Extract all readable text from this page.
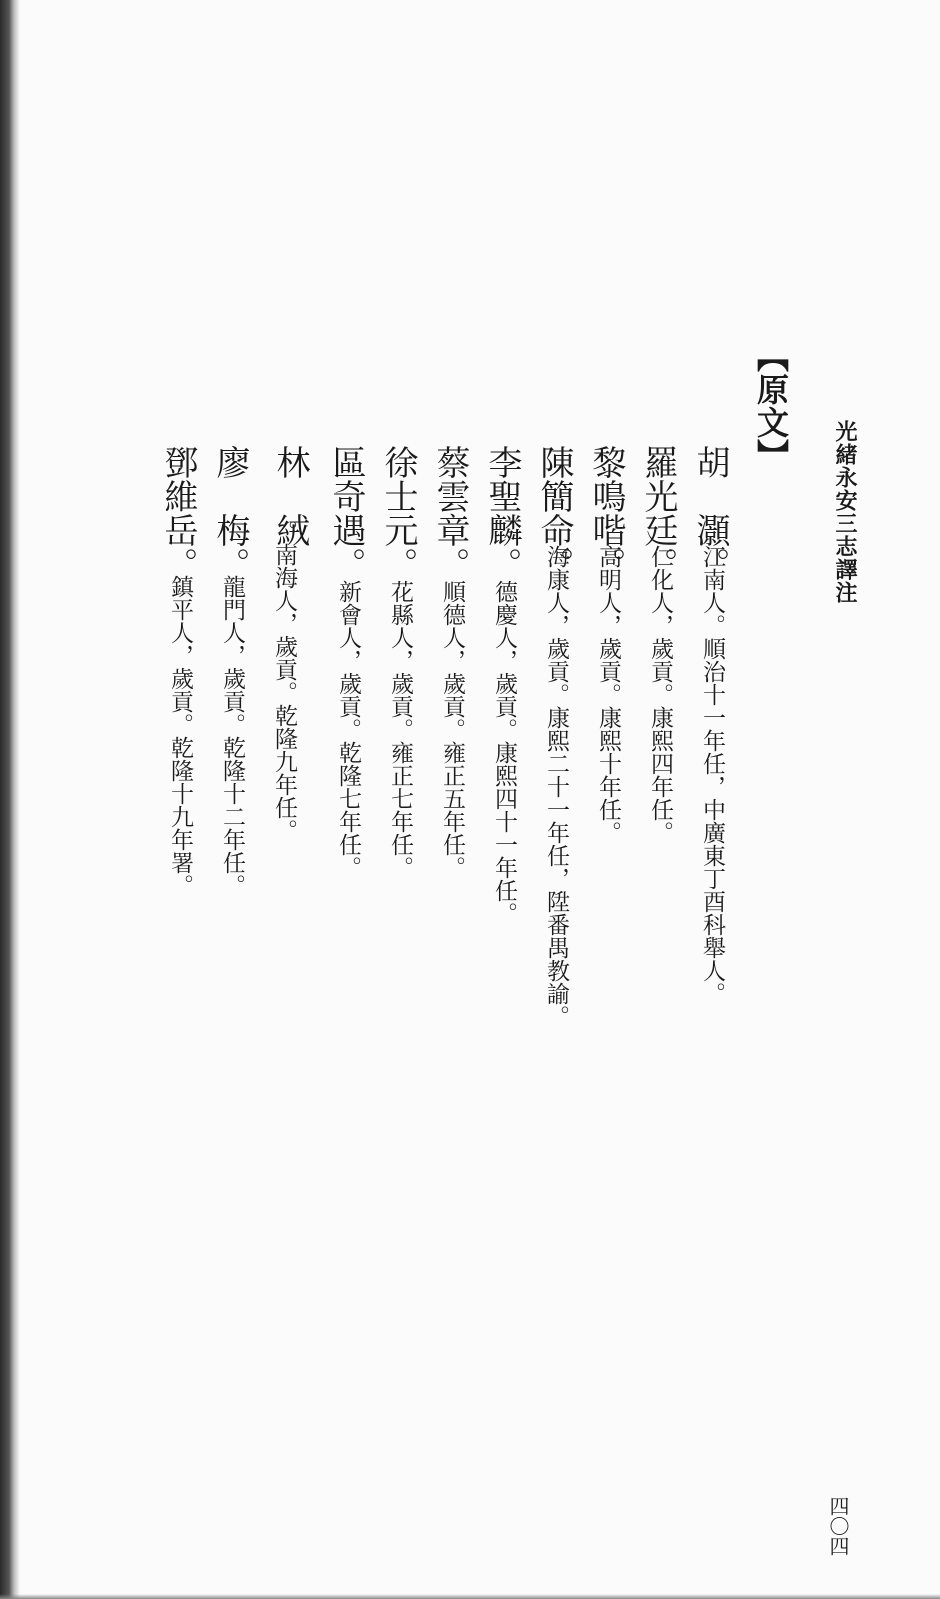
光緒永安三志譯注
四〇四
【原文】
胡　灝。
江南人。順治十一年任，中廣東丁酉科舉人。
羅光廷。
仁化人，歲貢。康熙四年任。
黎鳴喈。
高明人，歲貢。康熙十年任。
陳簡命。
海康人，歲貢。康熙二十一年任，陞番禺教諭。
李聖麟。
德慶人，歲貢。康熙四十一年任。
蔡雲章。
順德人，歲貢。雍正五年任。
徐士元。
花縣人，歲貢。雍正七年任。
區奇遇。
新會人，歲貢。乾隆七年任。
林　絨
。南海人，歲貢。乾隆九年任。
廖　梅。
龍門人，歲貢。乾隆十二年任。
鄧維岳。
鎮平人，歲貢。乾隆十九年署。
